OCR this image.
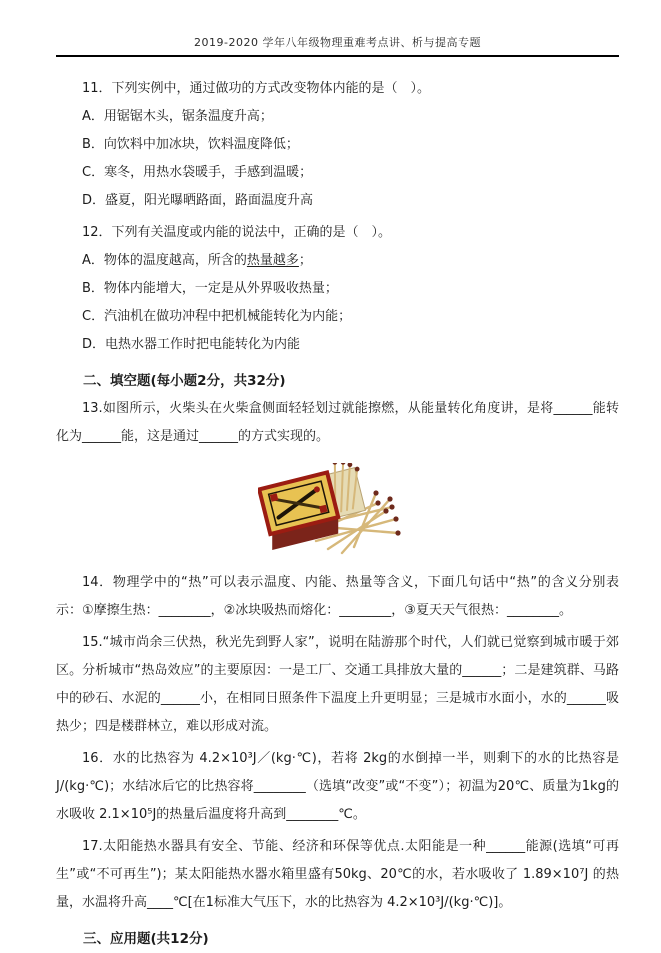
2019-2020 学年八年级物理重难考点讲、析与提高专题

11．下列实例中，通过做功的方式改变物体内能的是（　）。

A．用锯锯木头，锯条温度升高；

B．向饮料中加冰块，饮料温度降低；

C．寒冬，用热水袋暖手，手感到温暖；

D．盛夏，阳光曝晒路面，路面温度升高

12．下列有关温度或内能的说法中，正确的是（　）。

A．物体的温度越高，所含的热量越多；

B．物体内能增大，一定是从外界吸收热量；

C．汽油机在做功冲程中把机械能转化为内能；

D．电热水器工作时把电能转化为内能

二、填空题(每小题2分，共32分)

13.如图所示，火柴头在火柴盒侧面轻轻划过就能擦燃，从能量转化角度讲，是将______能转化为______能，这是通过______的方式实现的。

14．物理学中的“热”可以表示温度、内能、热量等含义，下面几句话中“热”的含义分别表示：①摩擦生热：________，②冰块吸热而熔化：________，③夏天天气很热：________。

15.“城市尚余三伏热，秋光先到野人家”，说明在陆游那个时代，人们就已觉察到城市暖于郊区。分析城市“热岛效应”的主要原因：一是工厂、交通工具排放大量的______；二是建筑群、马路中的砂石、水泥的______小，在相同日照条件下温度上升更明显；三是城市水面小，水的______吸热少；四是楼群林立，难以形成对流。

16．水的比热容为 4.2×10³J／(kg·℃)，若将 2kg的水倒掉一半，则剩下的水的比热容是 J/(kg·℃)；水结冰后它的比热容将________（选填“改变”或“不变”）；初温为20℃、质量为1kg的水吸收 2.1×10⁵J的热量后温度将升高到________℃。

17.太阳能热水器具有安全、节能、经济和环保等优点.太阳能是一种______能源(选填“可再生”或“不可再生”)；某太阳能热水器水箱里盛有50kg、20℃的水，若水吸收了 1.89×10⁷J 的热量，水温将升高____℃[在1标准大气压下，水的比热容为 4.2×10³J/(kg·℃)]。

三、应用题(共12分)
